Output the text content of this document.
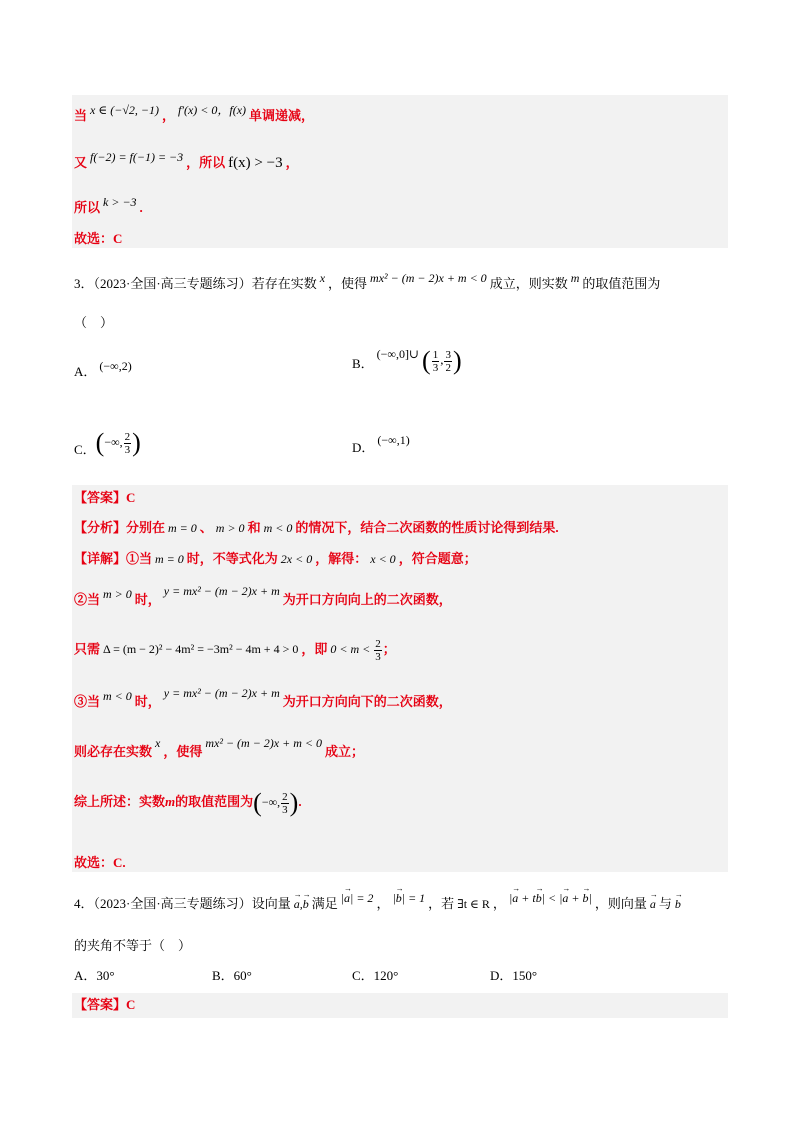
当 x ∈ (−√2, −1) ， f′(x) < 0，f(x) 单调递减，
又 f(−2) = f(−1) = −3 ，所以 f(x) > −3 ，
所以 k > −3 .
故选：C
3．（2023·全国·高三专题练习）若存在实数 x ，使得 mx² − (m − 2)x + m < 0 成立，则实数 m 的取值范围为
（　）
A． (−∞,2)	B．(−∞,0]∪ ( $\frac{1}{3}$ , $\frac{3}{2}$ )
C．(−∞, $\frac{2}{3}$ )	D． (−∞,1)
【答案】C
【分析】分别在 m = 0 、 m > 0 和 m < 0 的情况下，结合二次函数的性质讨论得到结果.
【详解】①当 m = 0 时，不等式化为 2x < 0 ，解得： x < 0 ，符合题意；
②当 m > 0 时，y = mx² − (m − 2)x + m为开口方向向上的二次函数，
只需 Δ = (m − 2)² − 4m² = −3m² − 4m + 4 > 0 ，即 $0 < m < \frac{2}{3}$ ；
③当 m < 0 时，y = mx² − (m − 2)x + m为开口方向向下的二次函数，
则必存在实数x，使得mx² − (m − 2)x + m < 0成立；
综上所述：实数m的取值范围为(−∞, $\frac{2}{3}$ ).
故选：C.
4．（2023·全国·高三专题练习）设向量 → a,→ b 满足 |→ a| = 2 ， |→ b| = 1 ，若 ∃t ∈ R ， |→ a + t→ b| < |→ a + → b| ，则向量 → a 与 → b
的夹角不等于（　）
A．30°	B．60°	C．120°	D．150°
【答案】C
